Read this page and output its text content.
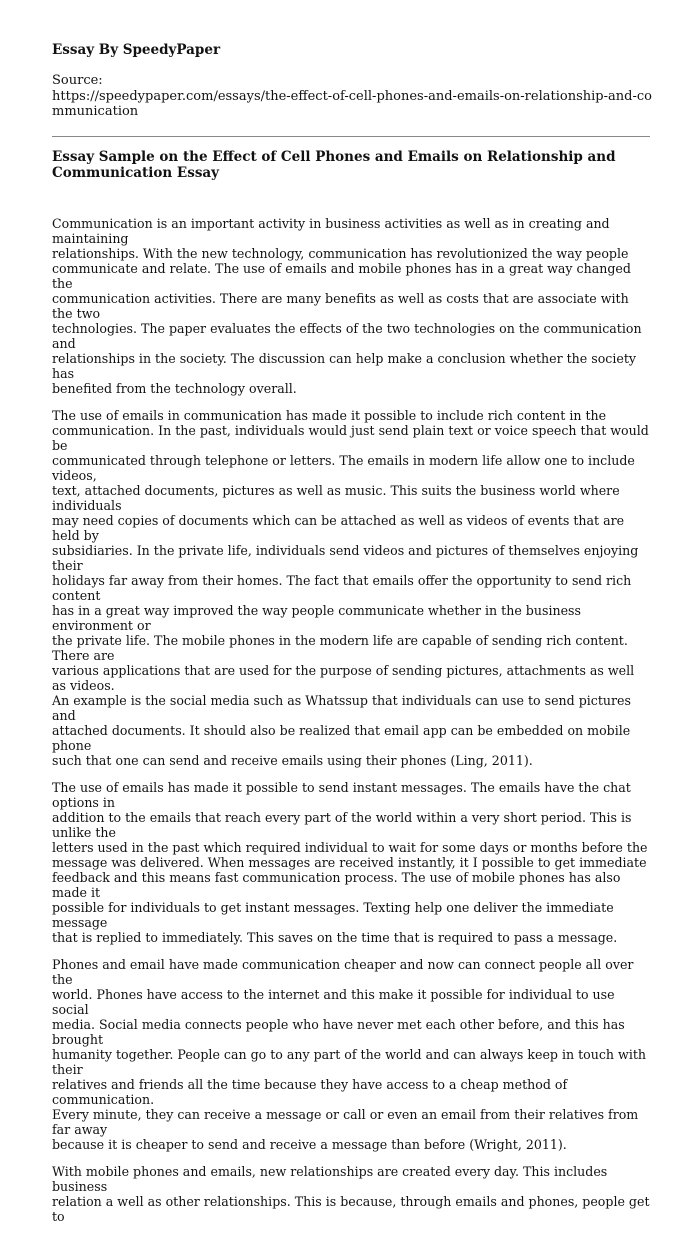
Essay By SpeedyPaper
Source:
https://speedypaper.com/essays/the-effect-of-cell-phones-and-emails-on-relationship-and-communication
Essay Sample on the Effect of Cell Phones and Emails on Relationship and Communication Essay

Communication is an important activity in business activities as well as in creating and maintaining
relationships. With the new technology, communication has revolutionized the way people
communicate and relate. The use of emails and mobile phones has in a great way changed the
communication activities. There are many benefits as well as costs that are associate with the two
technologies. The paper evaluates the effects of the two technologies on the communication and
relationships in the society. The discussion can help make a conclusion whether the society has
benefited from the technology overall.

The use of emails in communication has made it possible to include rich content in the
communication. In the past, individuals would just send plain text or voice speech that would be
communicated through telephone or letters. The emails in modern life allow one to include videos,
text, attached documents, pictures as well as music. This suits the business world where individuals
may need copies of documents which can be attached as well as videos of events that are held by
subsidiaries. In the private life, individuals send videos and pictures of themselves enjoying their
holidays far away from their homes. The fact that emails offer the opportunity to send rich content
has in a great way improved the way people communicate whether in the business environment or
the private life. The mobile phones in the modern life are capable of sending rich content. There are
various applications that are used for the purpose of sending pictures, attachments as well as videos.
An example is the social media such as Whatssup that individuals can use to send pictures and
attached documents. It should also be realized that email app can be embedded on mobile phone
such that one can send and receive emails using their phones (Ling, 2011).

The use of emails has made it possible to send instant messages. The emails have the chat options in
addition to the emails that reach every part of the world within a very short period. This is unlike the
letters used in the past which required individual to wait for some days or months before the
message was delivered. When messages are received instantly, it I possible to get immediate
feedback and this means fast communication process. The use of mobile phones has also made it
possible for individuals to get instant messages. Texting help one deliver the immediate message
that is replied to immediately. This saves on the time that is required to pass a message.

Phones and email have made communication cheaper and now can connect people all over the
world. Phones have access to the internet and this make it possible for individual to use social
media. Social media connects people who have never met each other before, and this has brought
humanity together. People can go to any part of the world and can always keep in touch with their
relatives and friends all the time because they have access to a cheap method of communication.
Every minute, they can receive a message or call or even an email from their relatives from far away
because it is cheaper to send and receive a message than before (Wright, 2011).

With mobile phones and emails, new relationships are created every day. This includes business
relation a well as other relationships. This is because, through emails and phones, people get to
